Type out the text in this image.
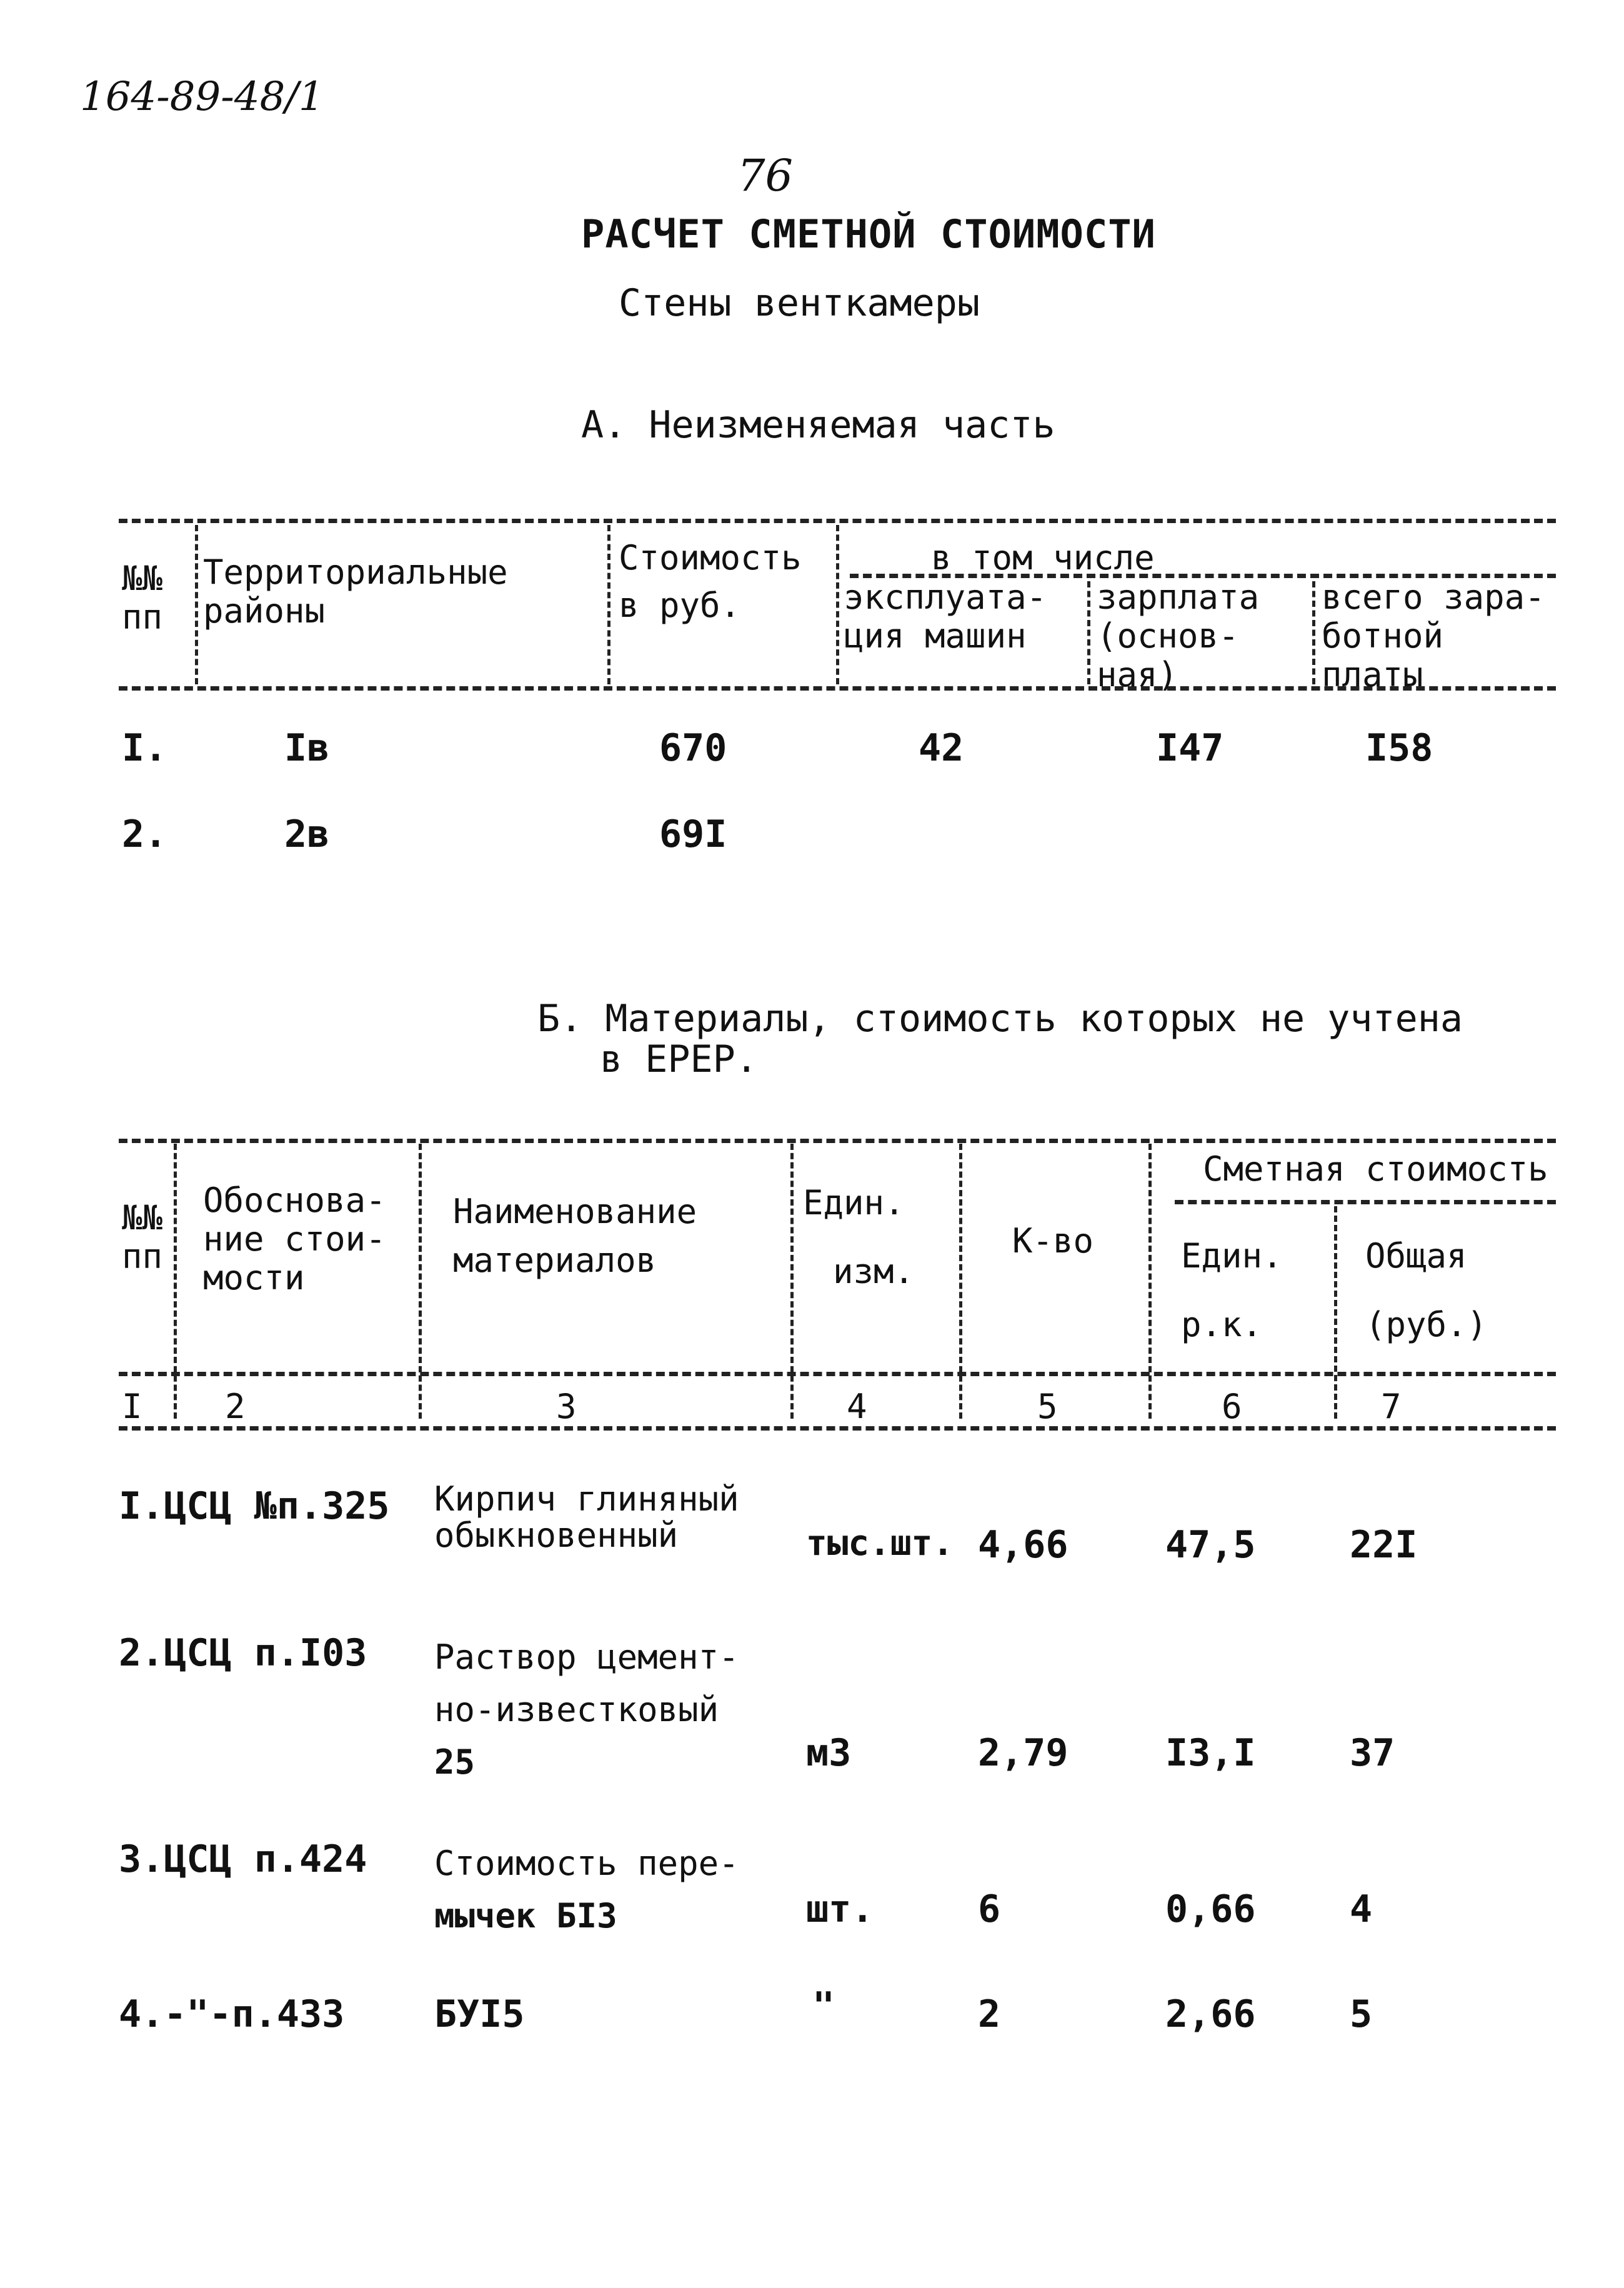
164-89-48/1
76
РАСЧЕТ СМЕТНОЙ СТОИМОСТИ
Стены венткамеры
А. Неизменяемая часть
№№
пп
Территориальные
районы
Стоимость
в руб.
в том числе
эксплуата-
ция машин
зарплата
(основ-
ная)
всего зара-
ботной
платы
I.	Iв	670	42	I47	I58
2.	2в	69I
Б. Материалы, стоимость которых не учтена
в ЕРЕР.
№№
пп
Обоснова-
ние стои-
мости
Наименование
материалов
Един.
изм.
К-во
Сметная стоимость
Един.
р.к.
Общая
(руб.)
I 2	3	4	5	6	7
I.ЦСЦ №п.325 Кирпич глиняный
обыкновенный	тыс.шт. 4,66	47,5	22I
2.ЦСЦ п.I03 Раствор цемент-
но-известковый
25	м3	2,79	I3,I	37
3.ЦСЦ п.424 Стоимость пере-
мычек БI3	шт.	6	0,66	4
4.-"-п.433 БУI5	"	2	2,66	5
